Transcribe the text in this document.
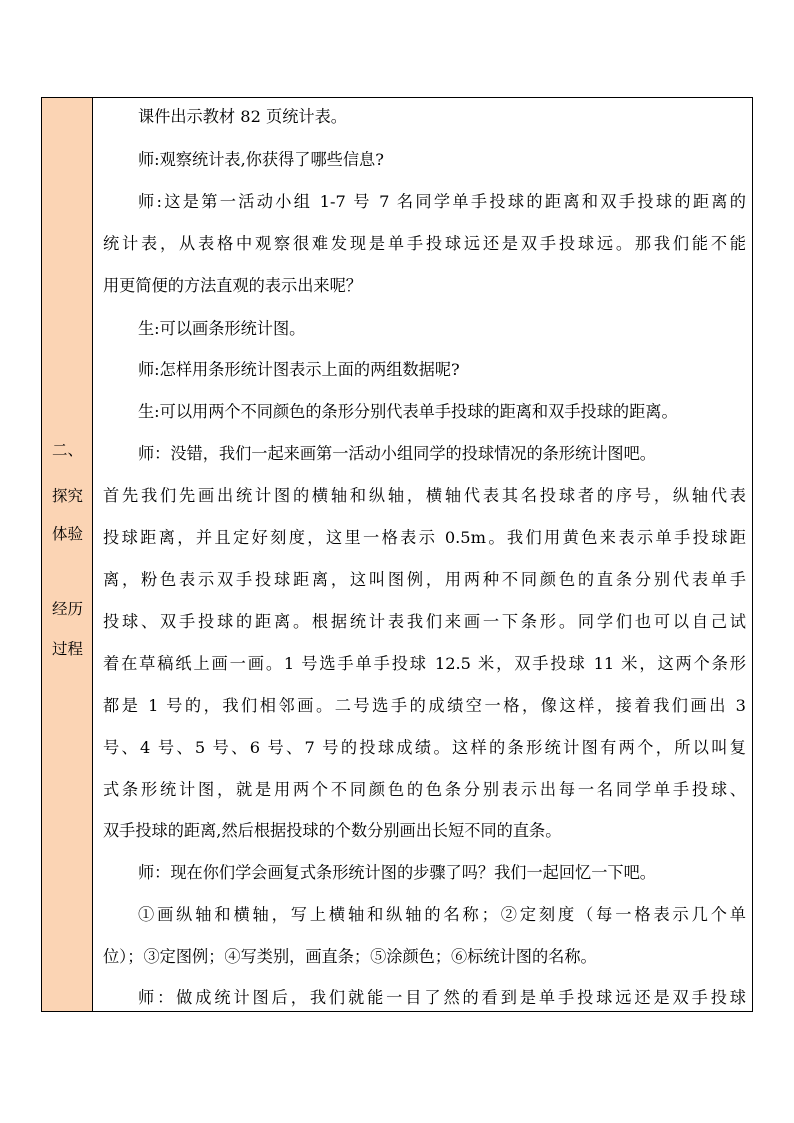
二、
探究
体验
经历
过程
课件出示教材 82 页统计表。
师:观察统计表,你获得了哪些信息?
师:这是第一活动小组 1-7 号 7 名同学单手投球的距离和双手投球的距离的
统计表，从表格中观察很难发现是单手投球远还是双手投球远。那我们能不能
用更简便的方法直观的表示出来呢？
生:可以画条形统计图。
师:怎样用条形统计图表示上面的两组数据呢?
生:可以用两个不同颜色的条形分别代表单手投球的距离和双手投球的距离。
师：没错，我们一起来画第一活动小组同学的投球情况的条形统计图吧。
首先我们先画出统计图的横轴和纵轴，横轴代表其名投球者的序号，纵轴代表
投球距离，并且定好刻度，这里一格表示 0.5m。我们用黄色来表示单手投球距
离，粉色表示双手投球距离，这叫图例，用两种不同颜色的直条分别代表单手
投球、双手投球的距离。根据统计表我们来画一下条形。同学们也可以自己试
着在草稿纸上画一画。1 号选手单手投球 12.5 米，双手投球 11 米，这两个条形
都是 1 号的，我们相邻画。二号选手的成绩空一格，像这样，接着我们画出 3
号、4 号、5 号、6 号、7 号的投球成绩。这样的条形统计图有两个，所以叫复
式条形统计图，就是用两个不同颜色的色条分别表示出每一名同学单手投球、
双手投球的距离,然后根据投球的个数分别画出长短不同的直条。
师：现在你们学会画复式条形统计图的步骤了吗？我们一起回忆一下吧。
①画纵轴和横轴，写上横轴和纵轴的名称；②定刻度（每一格表示几个单
位）；③定图例；④写类别，画直条；⑤涂颜色；⑥标统计图的名称。
师：做成统计图后，我们就能一目了然的看到是单手投球远还是双手投球
